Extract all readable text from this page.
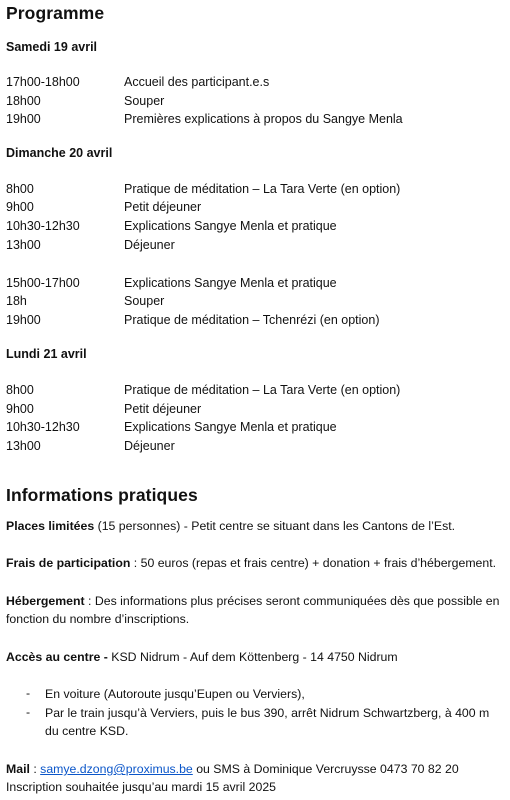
Programme
Samedi 19 avril
17h00-18h00	Accueil des participant.e.s
18h00	Souper
19h00	Premières explications à propos du Sangye Menla
Dimanche 20 avril
8h00	Pratique de méditation – La Tara Verte (en option)
9h00	Petit déjeuner
10h30-12h30	Explications Sangye Menla et pratique
13h00	Déjeuner
15h00-17h00	Explications Sangye Menla et pratique
18h	Souper
19h00	Pratique de méditation – Tchenrézi (en option)
Lundi 21 avril
8h00	Pratique de méditation – La Tara Verte (en option)
9h00	Petit déjeuner
10h30-12h30	Explications Sangye Menla et pratique
13h00	Déjeuner
Informations pratiques
Places limitées (15 personnes) - Petit centre se situant dans les Cantons de l’Est.
Frais de participation : 50 euros (repas et frais centre) + donation + frais d’hébergement.
Hébergement : Des informations plus précises seront communiquées dès que possible en fonction du nombre d’inscriptions.
Accès au centre - KSD Nidrum - Auf dem Köttenberg - 14 4750 Nidrum
- En voiture (Autoroute jusqu’Eupen ou Verviers),
- Par le train jusqu’à Verviers, puis le bus 390, arrêt Nidrum Schwartzberg, à 400 m du centre KSD.
Mail : samye.dzong@proximus.be ou SMS à Dominique Vercruysse 0473 70 82 20
Inscription souhaitée jusqu’au mardi 15 avril 2025
